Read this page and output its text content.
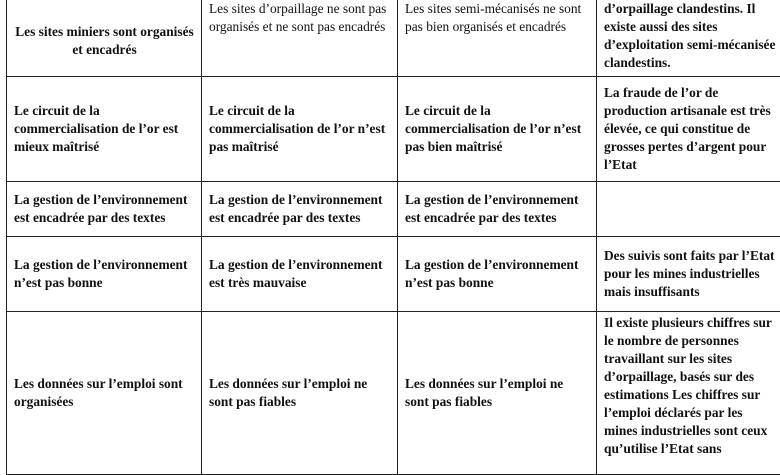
Les sites miniers sont organisés et encadrés	Les sites d’orpaillage ne sont pas organisés et ne sont pas encadrés	Les sites semi-mécanisés ne sont pas bien organisés et encadrés	d’orpaillage clandestins. Il existe aussi des sites d’exploitation semi-mécanisée clandestins.

Le circuit de la commercialisation de l’or est mieux maîtrisé	Le circuit de la commercialisation de l’or n’est pas maîtrisé	Le circuit de la commercialisation de l’or n’est pas bien maîtrisé	La fraude de l’or de production artisanale est très élevée, ce qui constitue de grosses pertes d’argent pour l’Etat

La gestion de l’environnement est encadrée par des textes	La gestion de l’environnement est encadrée par des textes	La gestion de l’environnement est encadrée par des textes	

La gestion de l’environnement n’est pas bonne	La gestion de l’environnement est très mauvaise	La gestion de l’environnement n’est pas bonne	Des suivis sont faits par l’Etat pour les mines industrielles mais insuffisants

Les données sur l’emploi sont organisées	Les données sur l’emploi ne sont pas fiables	Les données sur l’emploi ne sont pas fiables	Il existe plusieurs chiffres sur le nombre de personnes travaillant sur les sites d’orpaillage, basés sur des estimations Les chiffres sur l’emploi déclarés par les mines industrielles sont ceux qu’utilise l’Etat sans
